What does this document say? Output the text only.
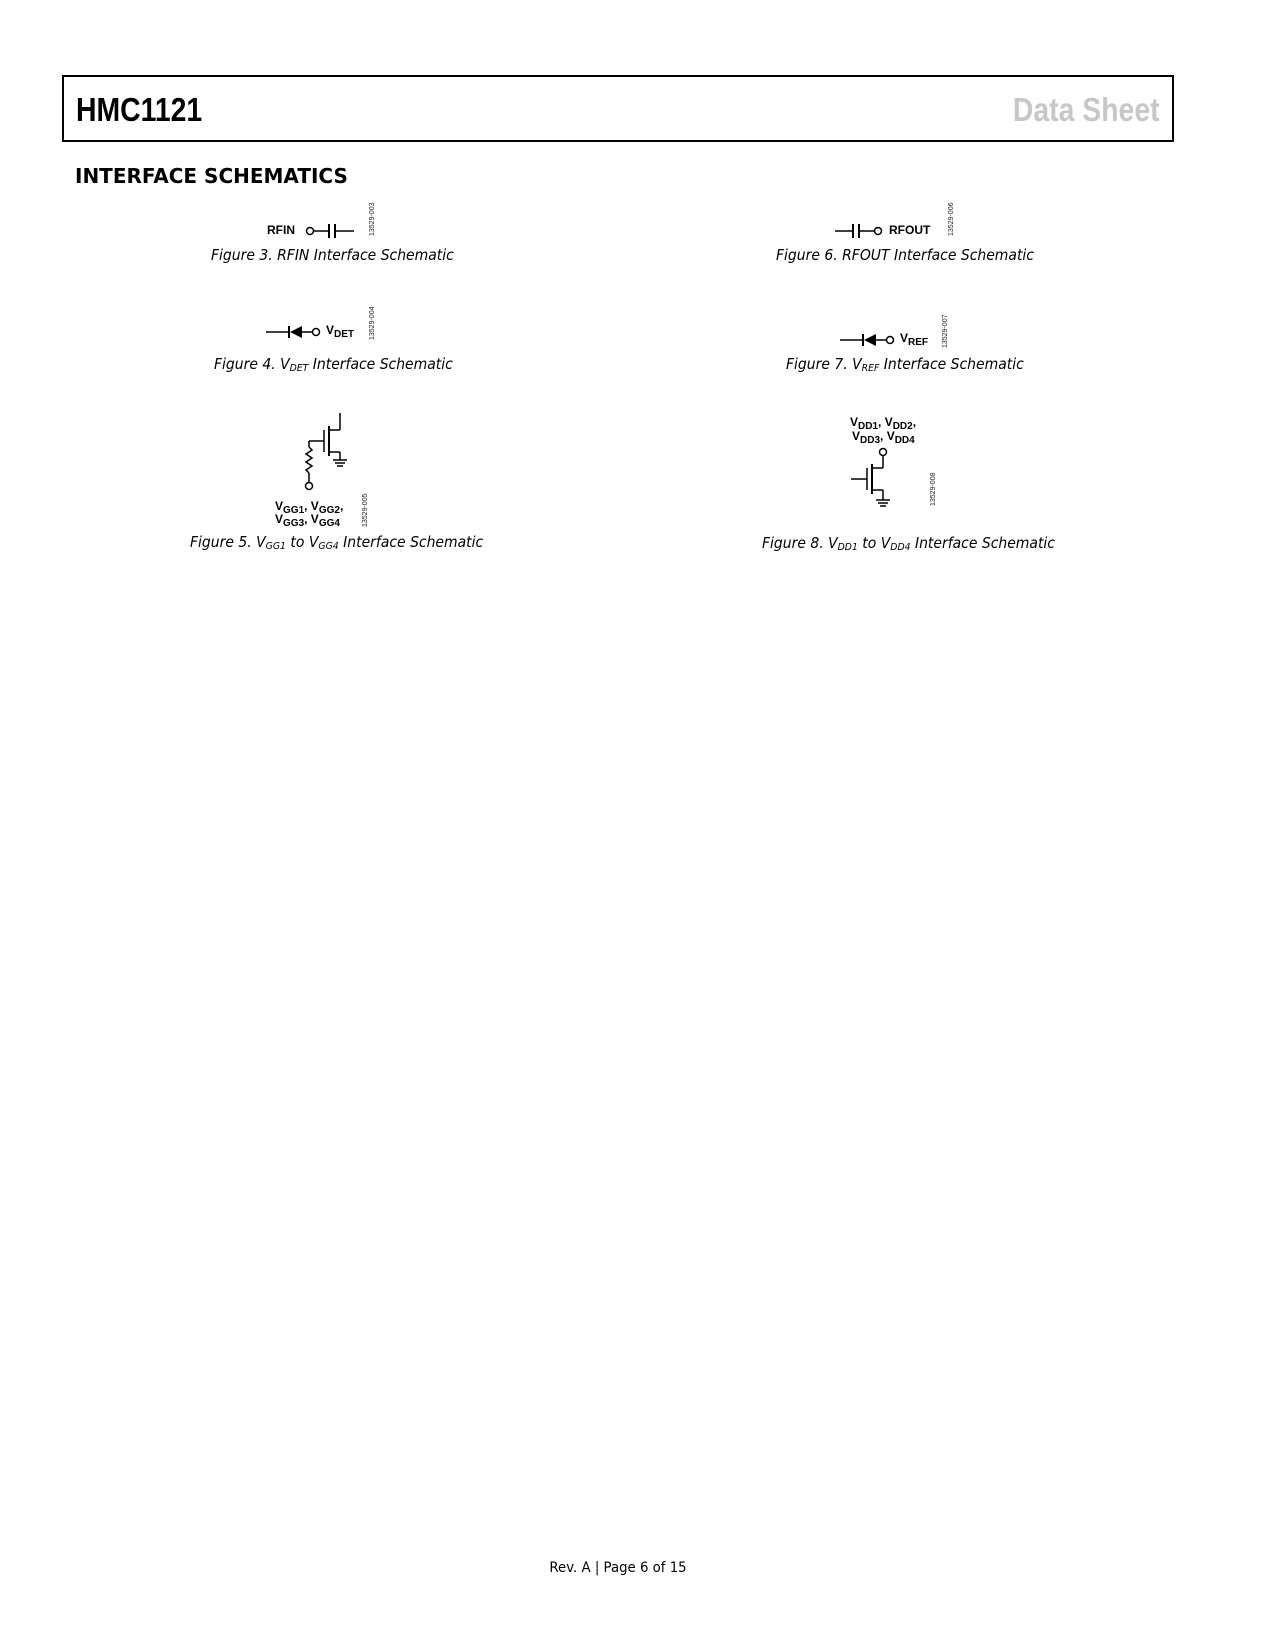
HMC1121	Data Sheet
INTERFACE SCHEMATICS
RFIN	13529-003
Figure 3. RFIN Interface Schematic
$V_{DET}$ 13529-004
Figure 4. $V_{DET}$ Interface Schematic
$V_{GG1}$, $V_{GG2}$,
$V_{GG3}$, $V_{GG4}$	13529-005
Figure 5. $V_{GG1}$ to $V_{GG4}$ Interface Schematic
RFOUT	13529-006
Figure 6. RFOUT Interface Schematic
$V_{REF}$ 13529-007
Figure 7. $V_{REF}$ Interface Schematic
$V_{DD1}$, $V_{DD2}$,
$V_{DD3}$, $V_{DD4}$
13529-008
Figure 8. $V_{DD1}$ to $V_{DD4}$ Interface Schematic
Rev. A | Page 6 of 15
